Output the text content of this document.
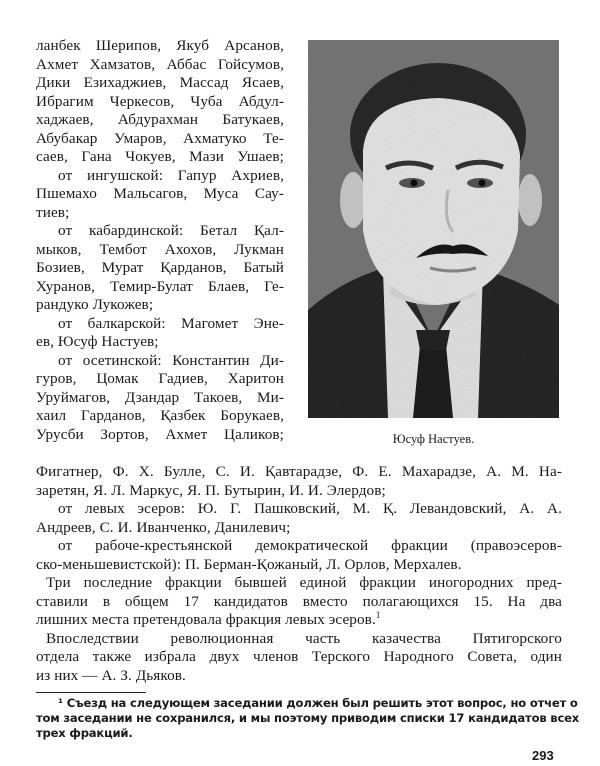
ланбек Шерипов, Якуб Арсанов,
Ахмет Хамзатов, Аббас Гойсумов,
Дики Езихаджиев, Массад Ясаев,
Ибрагим Черкесов, Чуба Абдул-
хаджаев, Абдурахман Батукаев,
Абубакар Умаров, Ахматуко Те-
саев, Гана Чокуев, Мази Ушаев;
от ингушской: Гапур Ахриев,
Пшемахо Мальсагов, Муса Сау-
тиев;
от кабардинской: Бетал Қал-
мыков, Тембот Ахохов, Лукман
Бозиев, Мурат Қарданов, Батый
Хуранов, Темир-Булат Блаев, Ге-
рандуко Лукожев;
от балкарской: Магомет Эне-
ев, Юсуф Настуев;
от осетинской: Константин Ди-
гуров, Цомак Гадиев, Харитон
Уруймагов, Дзандар Такоев, Ми-
хаил Гарданов, Қазбек Борукаев,
Урусби Зортов, Ахмет Цаликов;	Юсуф Настуев.
Фигатнер, Ф. Х. Булле, С. И. Қавтарадзе, Ф. Е. Махарадзе, А. М. На-
заретян, Я. Л. Маркус, Я. П. Бутырин, И. И. Элердов;
от левых эсеров: Ю. Г. Пашковский, М. Қ. Левандовский, А. А.
Андреев, С. И. Иванченко, Данилевич;
от рабоче-крестьянской демократической фракции (правоэсеров-
ско-меньшевистской): П. Берман-Қожаный, Л. Орлов, Мерхалев.
Три последние фракции бывшей единой фракции иногородних пред-
ставили в общем 17 кандидатов вместо полагающихся 15. На два
лишних места претендовала фракция левых эсеров.$^1$
Впоследствии революционная часть казачества Пятигорского
отдела также избрала двух членов Терского Народного Совета, один
из них — А. З. Дьяков.
¹ Съезд на следующем заседании должен был решить этот вопрос, но отчет о
том заседании не сохранился, и мы поэтому приводим списки 17 кандидатов всех
трех фракций.
293
